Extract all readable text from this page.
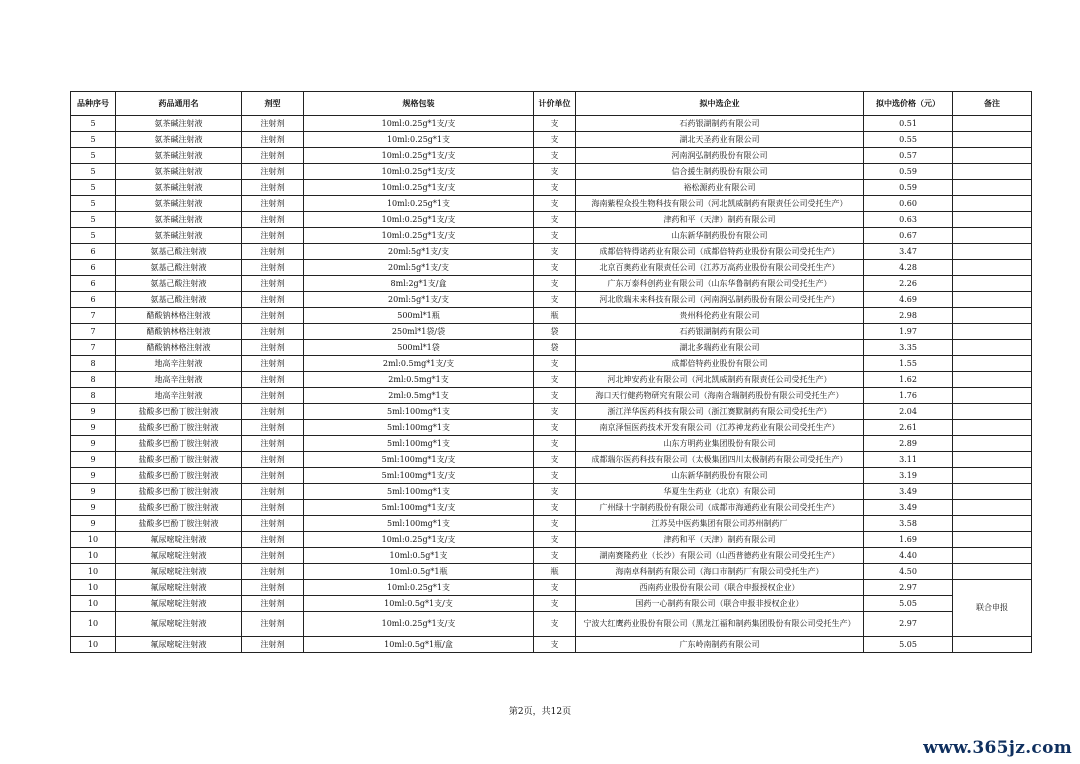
品种序号	药品通用名	剂型	规格包装	计价单位	拟中选企业	拟中选价格（元）	备注
5	氨茶碱注射液	注射剂	10ml:0.25g*1支/支	支	石药银湖制药有限公司	0.51	
5	氨茶碱注射液	注射剂	10ml:0.25g*1支	支	湖北天圣药业有限公司	0.55	
5	氨茶碱注射液	注射剂	10ml:0.25g*1支/支	支	河南润弘制药股份有限公司	0.57	
5	氨茶碱注射液	注射剂	10ml:0.25g*1支/支	支	信合援生制药股份有限公司	0.59	
5	氨茶碱注射液	注射剂	10ml:0.25g*1支/支	支	裕松源药业有限公司	0.59	
5	氨茶碱注射液	注射剂	10ml:0.25g*1支	支	海南紫程众投生物科技有限公司（河北凯威制药有限责任公司受托生产）	0.60	
5	氨茶碱注射液	注射剂	10ml:0.25g*1支/支	支	津药和平（天津）制药有限公司	0.63	
5	氨茶碱注射液	注射剂	10ml:0.25g*1支/支	支	山东新华制药股份有限公司	0.67	
6	氨基己酸注射液	注射剂	20ml:5g*1支/支	支	成都倍特得诺药业有限公司（成都倍特药业股份有限公司受托生产）	3.47	
6	氨基己酸注射液	注射剂	20ml:5g*1支/支	支	北京百奥药业有限责任公司（江苏万高药业股份有限公司受托生产）	4.28	
6	氨基己酸注射液	注射剂	8ml:2g*1支/盒	支	广东万泰科创药业有限公司（山东华鲁制药有限公司受托生产）	2.26	
6	氨基己酸注射液	注射剂	20ml:5g*1支/支	支	河北欣瑞未来科技有限公司（河南润弘制药股份有限公司受托生产）	4.69	
7	醋酸钠林格注射液	注射剂	500ml*1瓶	瓶	贵州科伦药业有限公司	2.98	
7	醋酸钠林格注射液	注射剂	250ml*1袋/袋	袋	石药银湖制药有限公司	1.97	
7	醋酸钠林格注射液	注射剂	500ml*1袋	袋	湖北多瑞药业有限公司	3.35	
8	地高辛注射液	注射剂	2ml:0.5mg*1支/支	支	成都倍特药业股份有限公司	1.55	
8	地高辛注射液	注射剂	2ml:0.5mg*1支	支	河北坤安药业有限公司（河北凯威制药有限责任公司受托生产）	1.62	
8	地高辛注射液	注射剂	2ml:0.5mg*1支	支	海口天行健药物研究有限公司（海南合瑞制药股份有限公司受托生产）	1.76	
9	盐酸多巴酚丁胺注射液	注射剂	5ml:100mg*1支	支	浙江洋华医药科技有限公司（浙江赛默制药有限公司受托生产）	2.04	
9	盐酸多巴酚丁胺注射液	注射剂	5ml:100mg*1支	支	南京泽恒医药技术开发有限公司（江苏神龙药业有限公司受托生产）	2.61	
9	盐酸多巴酚丁胺注射液	注射剂	5ml:100mg*1支	支	山东方明药业集团股份有限公司	2.89	
9	盐酸多巴酚丁胺注射液	注射剂	5ml:100mg*1支/支	支	成都瑞尔医药科技有限公司（太极集团四川太极制药有限公司受托生产）	3.11	
9	盐酸多巴酚丁胺注射液	注射剂	5ml:100mg*1支/支	支	山东新华制药股份有限公司	3.19	
9	盐酸多巴酚丁胺注射液	注射剂	5ml:100mg*1支	支	华夏生生药业（北京）有限公司	3.49	
9	盐酸多巴酚丁胺注射液	注射剂	5ml:100mg*1支/支	支	广州绿十字制药股份有限公司（成都市海通药业有限公司受托生产）	3.49	
9	盐酸多巴酚丁胺注射液	注射剂	5ml:100mg*1支	支	江苏吴中医药集团有限公司苏州制药厂	3.58	
10	氟尿嘧啶注射液	注射剂	10ml:0.25g*1支/支	支	津药和平（天津）制药有限公司	1.69	
10	氟尿嘧啶注射液	注射剂	10ml:0.5g*1支	支	湖南赛隆药业（长沙）有限公司（山西普德药业有限公司受托生产）	4.40	
10	氟尿嘧啶注射液	注射剂	10ml:0.5g*1瓶	瓶	海南卓科制药有限公司（海口市制药厂有限公司受托生产）	4.50	
10	氟尿嘧啶注射液	注射剂	10ml:0.25g*1支	支	西南药业股份有限公司（联合申报授权企业）	2.97	联合申报
10	氟尿嘧啶注射液	注射剂	10ml:0.5g*1支/支	支	国药一心制药有限公司（联合申报非授权企业）	5.05	
10	氟尿嘧啶注射液	注射剂	10ml:0.25g*1支/支	支	宁波大红鹰药业股份有限公司（黑龙江福和制药集团股份有限公司受托生产）	2.97	
10	氟尿嘧啶注射液	注射剂	10ml:0.5g*1瓶/盒	支	广东岭南制药有限公司	5.05	
第2页，共12页
www.365jz.com
